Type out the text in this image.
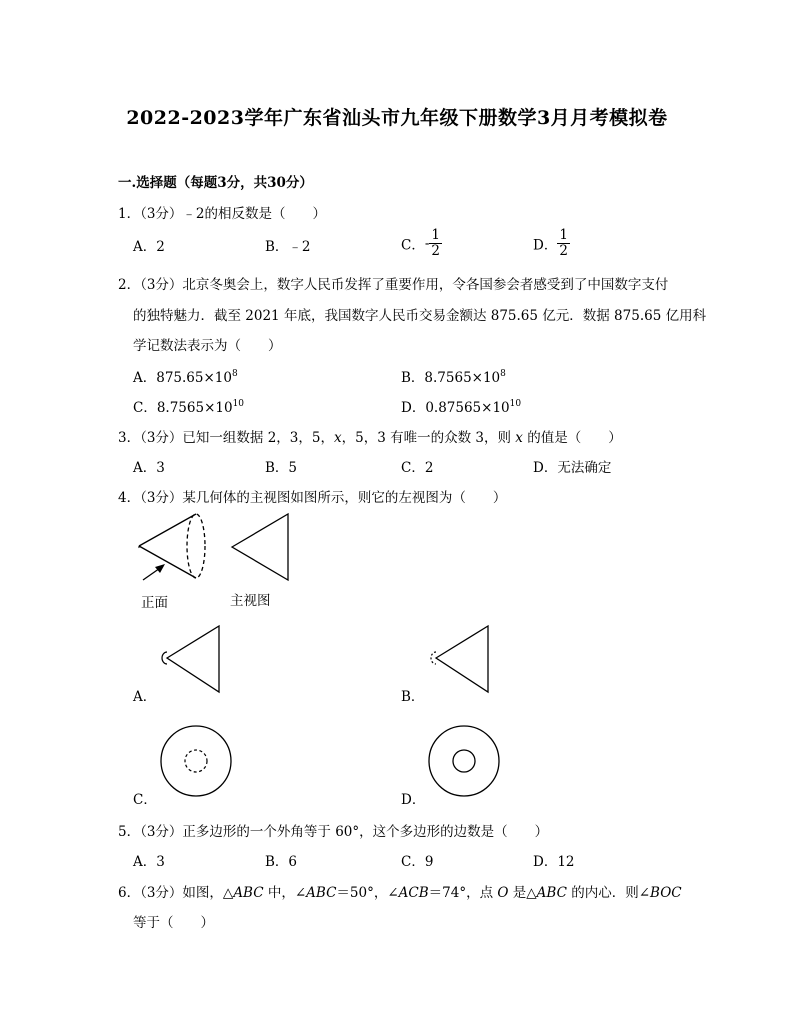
2022-2023学年广东省汕头市九年级下册数学3月月考模拟卷
一.选择题（每题3分，共30分）
1．（3分）﹣2的相反数是（　　）
A．2	B．﹣2	C．- $\frac{1}{2}$	D． $\frac{1}{2}$
2．（3分）北京冬奥会上，数字人民币发挥了重要作用，令各国参会者感受到了中国数字支付
的独特魅力．截至 2021 年底，我国数字人民币交易金额达 875.65 亿元．数据 875.65 亿用科
学记数法表示为（　　）
A．$875.65\times 10^8$	B．$8.7565\times 10^8$
C．$8.7565\times 10^{10}$	D．$0.87565\times 10^{10}$
3．（3分）已知一组数据 2，3，5，x，5，3 有唯一的众数 3，则 x 的值是（　　）
A．3	B．5	C．2	D．无法确定
4．（3分）某几何体的主视图如图所示，则它的左视图为（　　）
正面	主视图
A．	B．
C．	D．
5．（3分）正多边形的一个外角等于 60°，这个多边形的边数是（　　）
A．3	B．6	C．9	D．12
6．（3分）如图，△ABC 中，∠ABC＝50°，∠ACB＝74°，点 O 是△ABC 的内心．则∠BOC
等于（　　）
